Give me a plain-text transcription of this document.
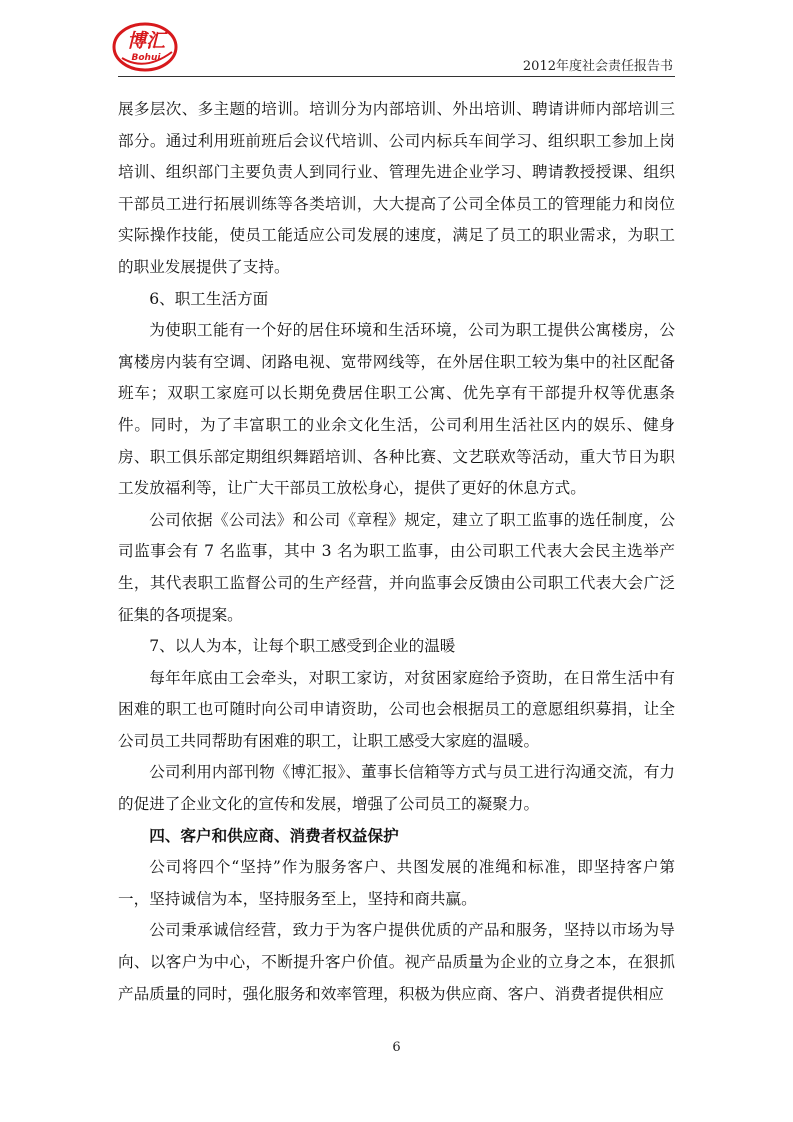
博汇
Bohui
2012年度社会责任报告书

展多层次、多主题的培训。培训分为内部培训、外出培训、聘请讲师内部培训三部分。通过利用班前班后会议代培训、公司内标兵车间学习、组织职工参加上岗培训、组织部门主要负责人到同行业、管理先进企业学习、聘请教授授课、组织干部员工进行拓展训练等各类培训，大大提高了公司全体员工的管理能力和岗位实际操作技能，使员工能适应公司发展的速度，满足了员工的职业需求，为职工的职业发展提供了支持。

6、职工生活方面

为使职工能有一个好的居住环境和生活环境，公司为职工提供公寓楼房，公寓楼房内装有空调、闭路电视、宽带网线等，在外居住职工较为集中的社区配备班车；双职工家庭可以长期免费居住职工公寓、优先享有干部提升权等优惠条件。同时，为了丰富职工的业余文化生活，公司利用生活社区内的娱乐、健身房、职工俱乐部定期组织舞蹈培训、各种比赛、文艺联欢等活动，重大节日为职工发放福利等，让广大干部员工放松身心，提供了更好的休息方式。

公司依据《公司法》和公司《章程》规定，建立了职工监事的选任制度，公司监事会有 7 名监事，其中 3 名为职工监事，由公司职工代表大会民主选举产生，其代表职工监督公司的生产经营，并向监事会反馈由公司职工代表大会广泛征集的各项提案。

7、以人为本，让每个职工感受到企业的温暖

每年年底由工会牵头，对职工家访，对贫困家庭给予资助，在日常生活中有困难的职工也可随时向公司申请资助，公司也会根据员工的意愿组织募捐，让全公司员工共同帮助有困难的职工，让职工感受大家庭的温暖。

公司利用内部刊物《博汇报》、董事长信箱等方式与员工进行沟通交流，有力的促进了企业文化的宣传和发展，增强了公司员工的凝聚力。

四、客户和供应商、消费者权益保护

公司将四个“坚持”作为服务客户、共图发展的准绳和标准，即坚持客户第一，坚持诚信为本，坚持服务至上，坚持和商共赢。

公司秉承诚信经营，致力于为客户提供优质的产品和服务，坚持以市场为导向、以客户为中心，不断提升客户价值。视产品质量为企业的立身之本，在狠抓产品质量的同时，强化服务和效率管理，积极为供应商、客户、消费者提供相应

6
